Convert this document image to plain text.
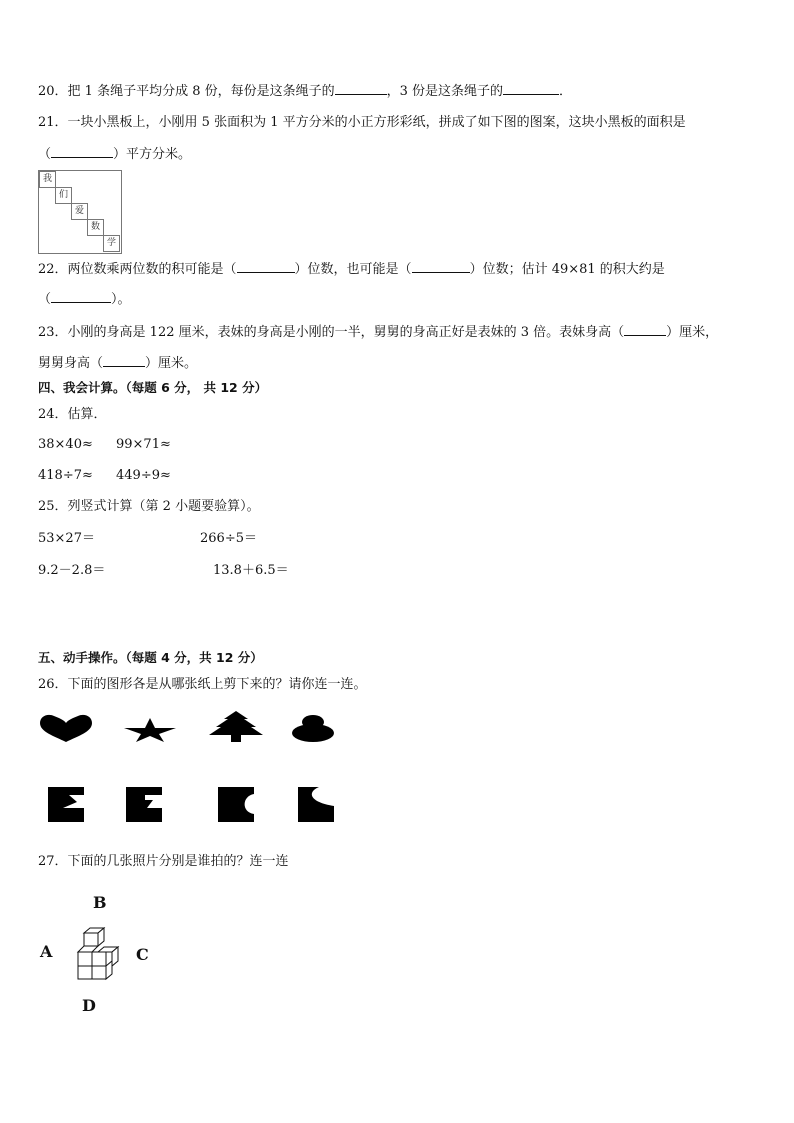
20．把 1 条绳子平均分成 8 份，每份是这条绳子的	，3 份是这条绳子的	．
21．一块小黑板上，小刚用 5 张面积为 1 平方分米的小正方形彩纸，拼成了如下图的图案，这块小黑板的面积是
（	）平方分米。
我
们
爱
数
学
22．两位数乘两位数的积可能是（	）位数，也可能是（	）位数；估计 49×81 的积大约是
（	）。
23．小刚的身高是 122 厘米，表妹的身高是小刚的一半，舅舅的身高正好是表妹的 3 倍。表妹身高（	）厘米，
舅舅身高（	）厘米。
四、我会计算。（每题 6 分， 共 12 分）
24．估算．
38×40≈ 99×71≈
418÷7≈ 449÷9≈
25．列竖式计算（第 2 小题要验算）。
53×27＝	266÷5＝
9.2－2.8＝	13.8＋6.5＝
五、动手操作。（每题 4 分，共 12 分）
26．下面的图形各是从哪张纸上剪下来的？请你连一连。
27．下面的几张照片分别是谁拍的？连一连
B
A	C
D
